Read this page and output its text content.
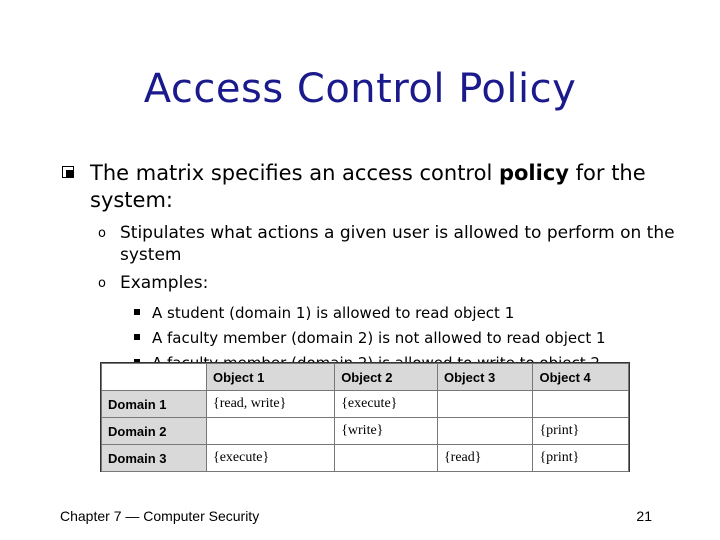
Access Control Policy
The matrix specifies an access control policy for the system:
o Stipulates what actions a given user is allowed to perform on the system
o Examples:
A student (domain 1) is allowed to read object 1
A faculty member (domain 2) is not allowed to read object 1
	Object 1	Object 2	Object 3	Object 4
Domain 1	{read, write}	{execute}		
Domain 2		{write}		{print}
Domain 3	{execute}		{read}	{print}
Chapter 7 — Computer Security	21
